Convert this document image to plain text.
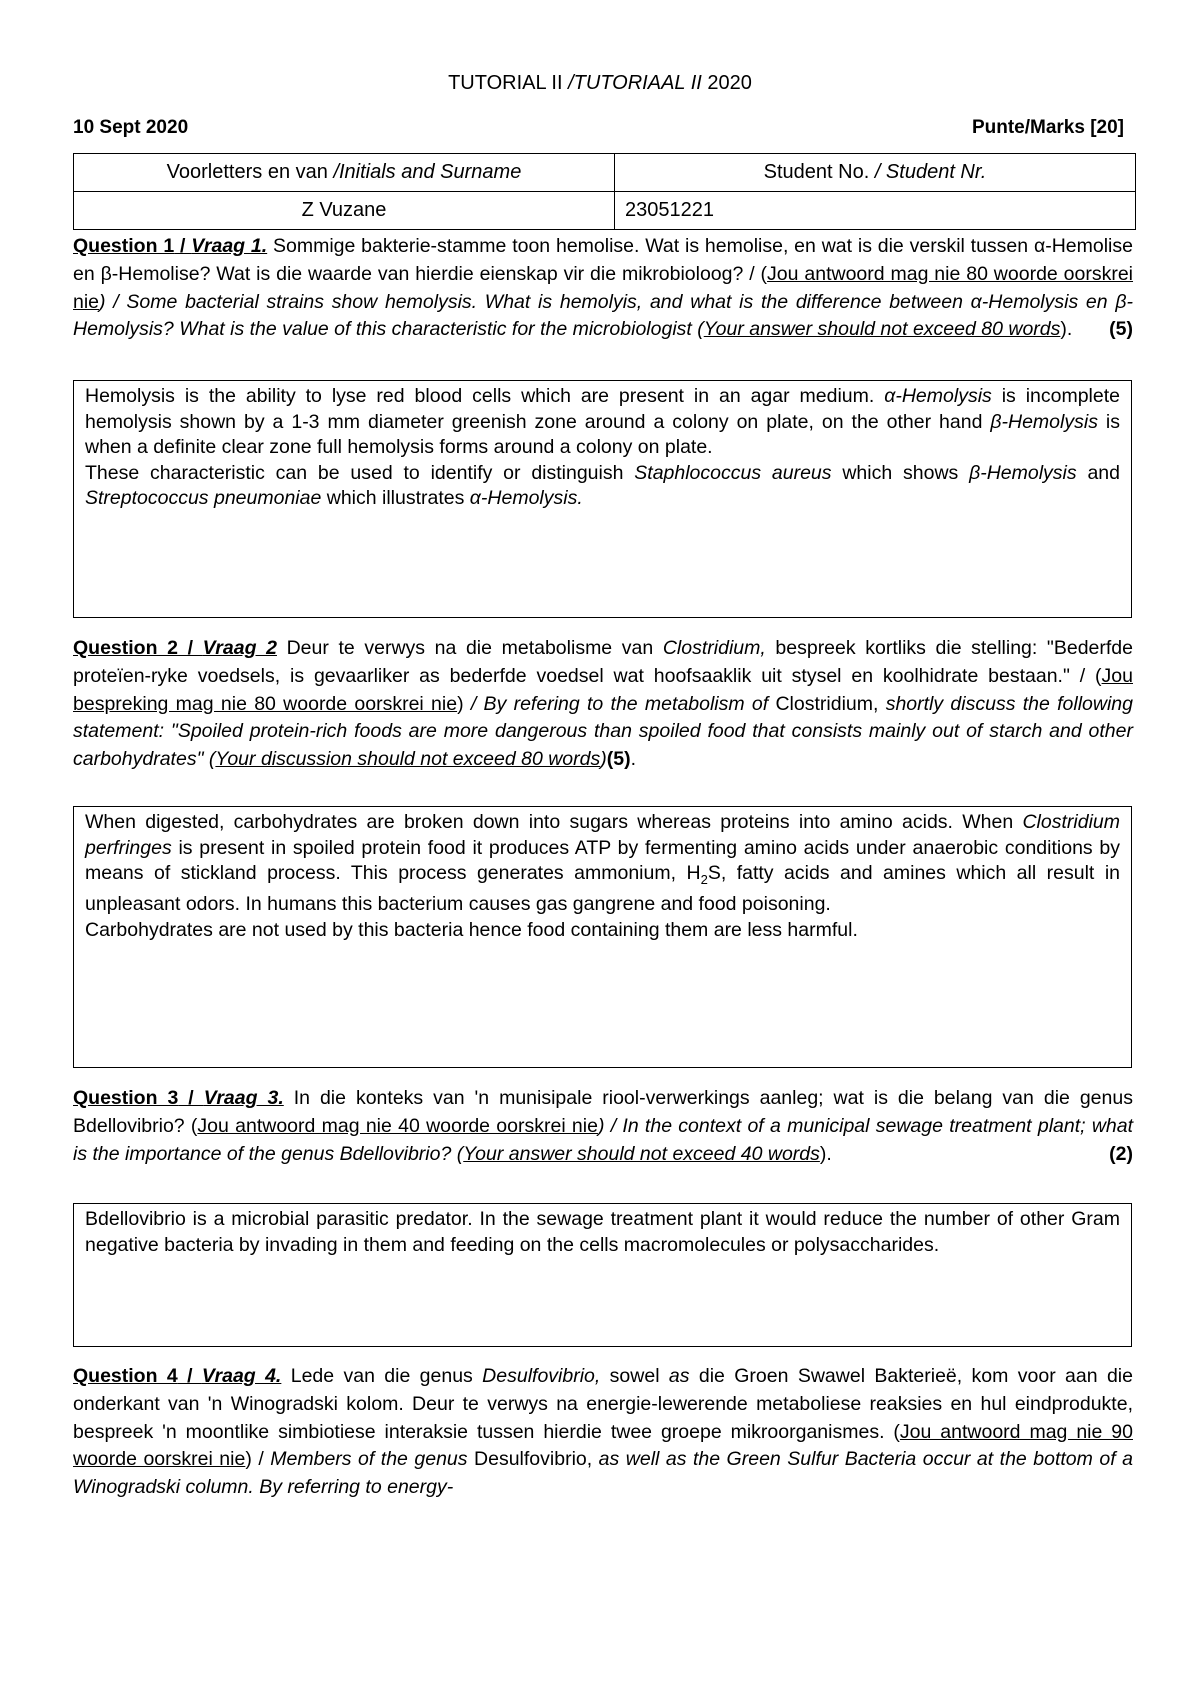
TUTORIAL II /TUTORIAAL II 2020
10 Sept 2020	Punte/Marks [20]
Voorletters en van /Initials and Surname	Student No. / Student Nr.
Z Vuzane	23051221
Question 1 / Vraag 1. Sommige bakterie-stamme toon hemolise. Wat is hemolise, en wat is die verskil tussen α-Hemolise en β-Hemolise? Wat is die waarde van hierdie eienskap vir die mikrobioloog? / (Jou antwoord mag nie 80 woorde oorskrei nie) / Some bacterial strains show hemolysis. What is hemolyis, and what is the difference between α-Hemolysis en β-Hemolysis? What is the value of this characteristic for the microbiologist (Your answer should not exceed 80 words). (5)

Hemolysis is the ability to lyse red blood cells which are present in an agar medium. α-Hemolysis is incomplete hemolysis shown by a 1-3 mm diameter greenish zone around a colony on plate, on the other hand β-Hemolysis is when a definite clear zone full hemolysis forms around a colony on plate.

These characteristic can be used to identify or distinguish Staphlococcus aureus which shows β-Hemolysis and Streptococcus pneumoniae which illustrates α-Hemolysis.

Question 2 / Vraag 2 Deur te verwys na die metabolisme van Clostridium, bespreek kortliks die stelling: "Bederfde proteïen-ryke voedsels, is gevaarliker as bederfde voedsel wat hoofsaaklik uit stysel en koolhidrate bestaan." / (Jou bespreking mag nie 80 woorde oorskrei nie) / By refering to the metabolism of Clostridium, shortly discuss the following statement: "Spoiled protein-rich foods are more dangerous than spoiled food that consists mainly out of starch and other carbohydrates" (Your discussion should not exceed 80 words)(5).

When digested, carbohydrates are broken down into sugars whereas proteins into amino acids. When Clostridium perfringes is present in spoiled protein food it produces ATP by fermenting amino acids under anaerobic conditions by means of stickland process. This process generates ammonium, $H_2S$, fatty acids and amines which all result in unpleasant odors. In humans this bacterium causes gas gangrene and food poisoning.

Carbohydrates are not used by this bacteria hence food containing them are less harmful.

Question 3 / Vraag 3. In die konteks van 'n munisipale riool-verwerkings aanleg; wat is die belang van die genus Bdellovibrio? (Jou antwoord mag nie 40 woorde oorskrei nie) / In the context of a municipal sewage treatment plant; what is the importance of the genus Bdellovibrio? (Your answer should not exceed 40 words).	(2)

Bdellovibrio is a microbial parasitic predator. In the sewage treatment plant it would reduce the number of other Gram negative bacteria by invading in them and feeding on the cells macromolecules or polysaccharides.

Question 4 / Vraag 4. Lede van die genus Desulfovibrio, sowel as die Groen Swawel Bakterieë, kom voor aan die onderkant van 'n Winogradski kolom. Deur te verwys na energie-lewerende metaboliese reaksies en hul eindprodukte, bespreek 'n moontlike simbiotiese interaksie tussen hierdie twee groepe mikroorganismes. (Jou antwoord mag nie 90 woorde oorskrei nie) / Members of the genus Desulfovibrio, as well as the Green Sulfur Bacteria occur at the bottom of a Winogradski column. By referring to energy-
